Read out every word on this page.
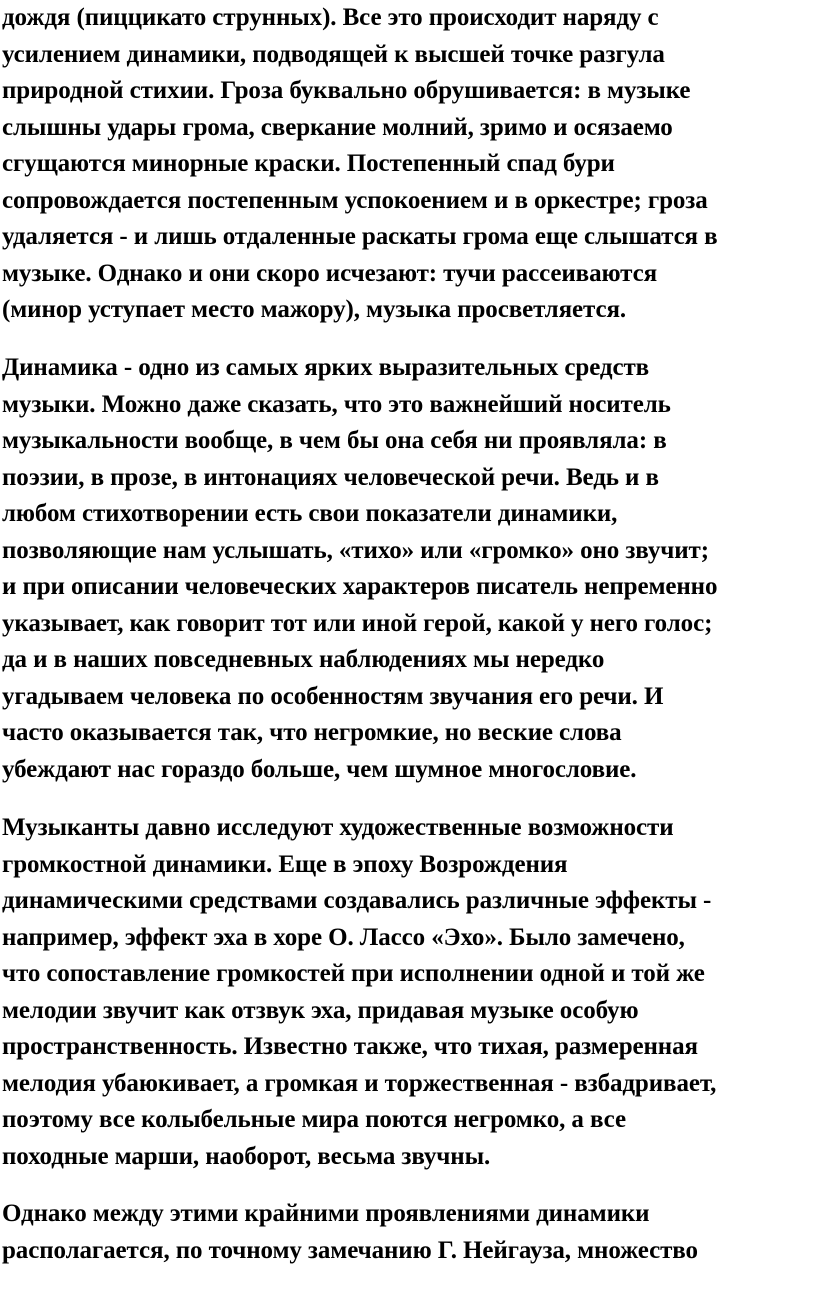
дождя (пиццикато струнных). Все это происходит наряду с
усилением динамики, подводящей к высшей точке разгула
природной стихии. Гроза буквально обрушивается: в музыке
слышны удары грома, сверкание молний, зримо и осязаемо
сгущаются минорные краски. Постепенный спад бури
сопровождается постепенным успокоением и в оркестре; гроза
удаляется - и лишь отдаленные раскаты грома еще слышатся в
музыке. Однако и они скоро исчезают: тучи рассеиваются
(минор уступает место мажору), музыка просветляется.
Динамика - одно из самых ярких выразительных средств
музыки. Можно даже сказать, что это важнейший носитель
музыкальности вообще, в чем бы она себя ни проявляла: в
поэзии, в прозе, в интонациях человеческой речи. Ведь и в
любом стихотворении есть свои показатели динамики,
позволяющие нам услышать, «тихо» или «громко» оно звучит;
и при описании человеческих характеров писатель непременно
указывает, как говорит тот или иной герой, какой у него голос;
да и в наших повседневных наблюдениях мы нередко
угадываем человека по особенностям звучания его речи. И
часто оказывается так, что негромкие, но веские слова
убеждают нас гораздо больше, чем шумное многословие.
Музыканты давно исследуют художественные возможности
громкостной динамики. Еще в эпоху Возрождения
динамическими средствами создавались различные эффекты -
например, эффект эха в хоре О. Лассо «Эхо». Было замечено,
что сопоставление громкостей при исполнении одной и той же
мелодии звучит как отзвук эха, придавая музыке особую
пространственность. Известно также, что тихая, размеренная
мелодия убаюкивает, а громкая и торжественная - взбадривает,
поэтому все колыбельные мира поются негромко, а все
походные марши, наоборот, весьма звучны.
Однако между этими крайними проявлениями динамики
располагается, по точному замечанию Г. Нейгауза, множество
